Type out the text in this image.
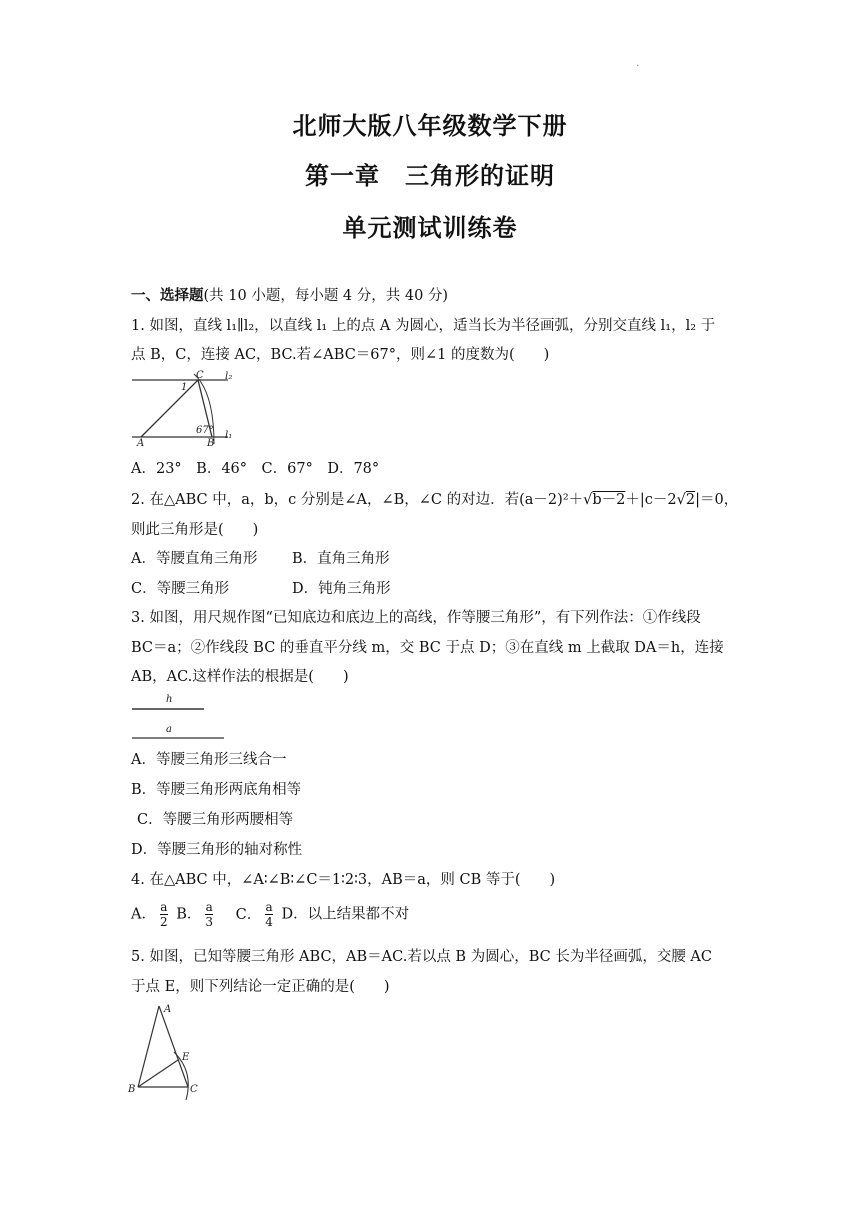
.
北师大版八年级数学下册
第一章　三角形的证明
单元测试训练卷
一、选择题(共 10 小题，每小题 4 分，共 40 分)
1. 如图，直线 l₁∥l₂，以直线 l₁ 上的点 A 为圆心，适当长为半径画弧，分别交直线 l₁，l₂ 于
点 B，C，连接 AC，BC.若∠ABC＝67°，则∠1 的度数为(　　)
C l₂
1
67°
A	B
l₁
A．23°　B．46°　C．67°　D．78°
2. 在△ABC 中，a，b，c 分别是∠A，∠B，∠C 的对边．若(a－2)²＋√b－2＋|c－2√2|＝0，
则此三角形是(　　)
A．等腰直角三角形 B．直角三角形
C．等腰三角形	D．钝角三角形
3. 如图，用尺规作图“已知底边和底边上的高线，作等腰三角形”，有下列作法：①作线段
BC＝a；②作线段 BC 的垂直平分线 m，交 BC 于点 D；③在直线 m 上截取 DA＝h，连接
AB，AC.这样作法的根据是(　　)
h
a
A．等腰三角形三线合一
B．等腰三角形两底角相等
C．等腰三角形两腰相等
D．等腰三角形的轴对称性
4. 在△ABC 中，∠A∶∠B∶∠C＝1∶2∶3，AB＝a，则 CB 等于(　　)
A． $\frac{a}{2}$ B． $\frac{a}{3}$ C． $\frac{a}{4}$ D．以上结果都不对
5. 如图，已知等腰三角形 ABC，AB＝AC.若以点 B 为圆心，BC 长为半径画弧，交腰 AC
于点 E，则下列结论一定正确的是(　　)
A
E
B	C
